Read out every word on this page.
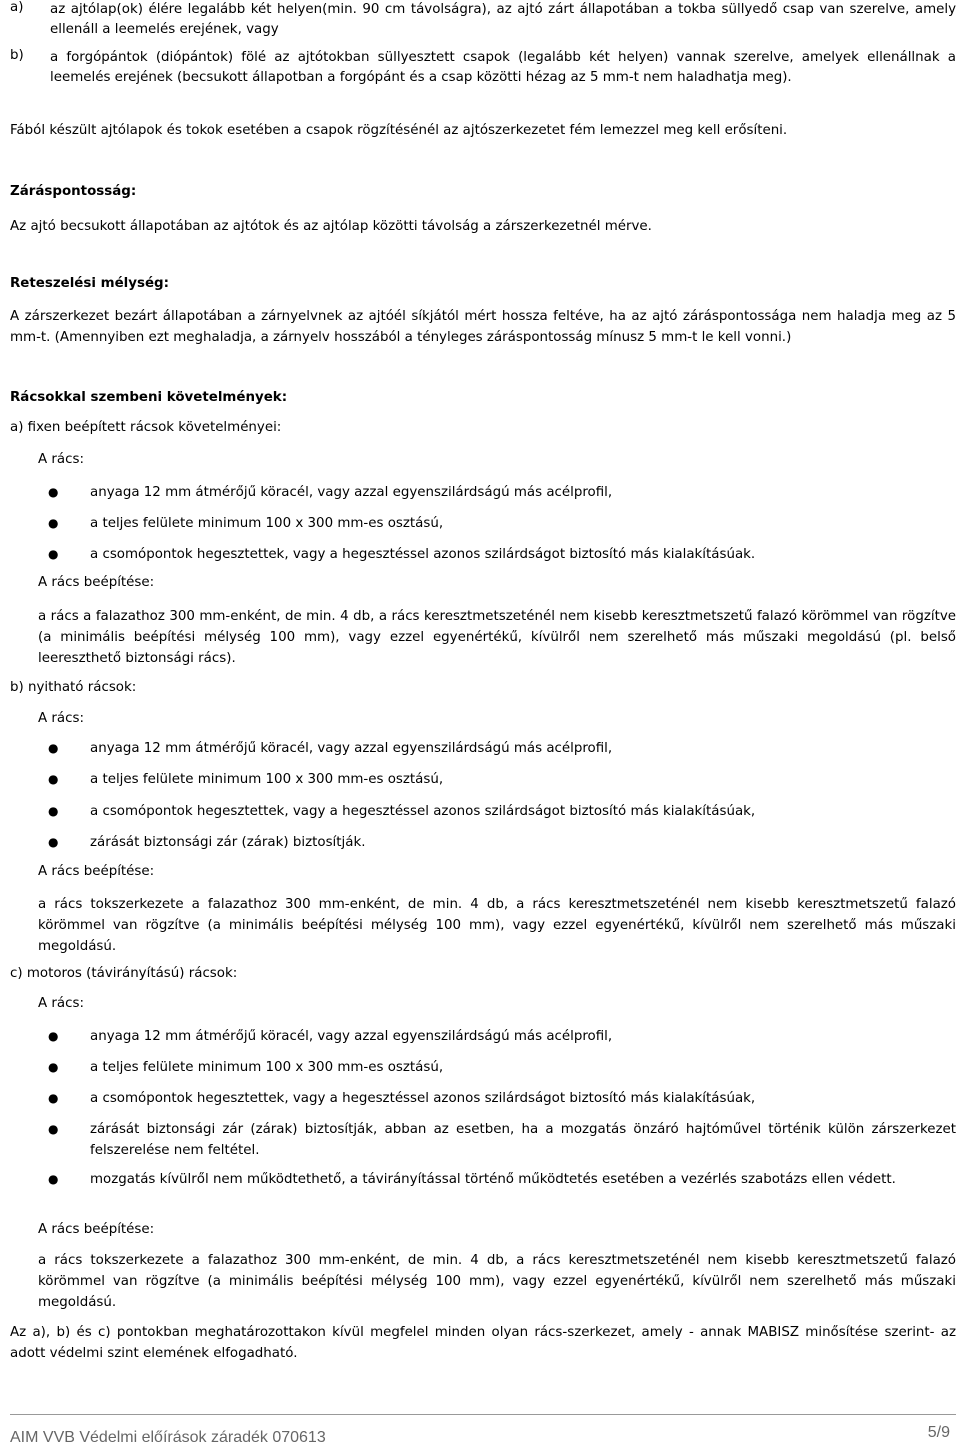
a) az ajtólap(ok) élére legalább két helyen(min. 90 cm távolságra), az ajtó zárt állapotában a tokba süllyedő csap van szerelve, amely ellenáll a leemelés erejének, vagy
b) a forgópántok (diópántok) fölé az ajtótokban süllyesztett csapok (legalább két helyen) vannak szerelve, amelyek ellenállnak a leemelés erejének (becsukott állapotban a forgópánt és a csap közötti hézag az 5 mm-t nem haladhatja meg).
Fából készült ajtólapok és tokok esetében a csapok rögzítésénél az ajtószerkezetet fém lemezzel meg kell erősíteni.
Záráspontosság:
Az ajtó becsukott állapotában az ajtótok és az ajtólap közötti távolság a zárszerkezetnél mérve.
Reteszelési mélység:
A zárszerkezet bezárt állapotában a zárnyelvnek az ajtóél síkjától mért hossza feltéve, ha az ajtó záráspontossága nem haladja meg az 5 mm-t. (Amennyiben ezt meghaladja, a zárnyelv hosszából a tényleges záráspontosság mínusz 5 mm-t le kell vonni.)
Rácsokkal szembeni követelmények:
a) fixen beépített rácsok követelményei:
A rács:
● anyaga 12 mm átmérőjű köracél, vagy azzal egyenszilárdságú más acélprofil,
● a teljes felülete minimum 100 x 300 mm-es osztású,
● a csomópontok hegesztettek, vagy a hegesztéssel azonos szilárdságot biztosító más kialakításúak.
A rács beépítése:
a rács a falazathoz 300 mm-enként, de min. 4 db, a rács keresztmetszeténél nem kisebb keresztmetszetű falazó körömmel van rögzítve (a minimális beépítési mélység 100 mm), vagy ezzel egyenértékű, kívülről nem szerelhető más műszaki megoldású (pl. belső leereszthető biztonsági rács).
b) nyitható rácsok:
A rács:
● anyaga 12 mm átmérőjű köracél, vagy azzal egyenszilárdságú más acélprofil,
● a teljes felülete minimum 100 x 300 mm-es osztású,
● a csomópontok hegesztettek, vagy a hegesztéssel azonos szilárdságot biztosító más kialakításúak,
● zárását biztonsági zár (zárak) biztosítják.
A rács beépítése:
a rács tokszerkezete a falazathoz 300 mm-enként, de min. 4 db, a rács keresztmetszeténél nem kisebb keresztmetszetű falazó körömmel van rögzítve (a minimális beépítési mélység 100 mm), vagy ezzel egyenértékű, kívülről nem szerelhető más műszaki megoldású.
c) motoros (távirányítású) rácsok:
A rács:
● anyaga 12 mm átmérőjű köracél, vagy azzal egyenszilárdságú más acélprofil,
● a teljes felülete minimum 100 x 300 mm-es osztású,
● a csomópontok hegesztettek, vagy a hegesztéssel azonos szilárdságot biztosító más kialakításúak,
● zárását biztonsági zár (zárak) biztosítják, abban az esetben, ha a mozgatás önzáró hajtóművel történik külön zárszerkezet felszerelése nem feltétel.
● mozgatás kívülről nem működtethető, a távirányítással történő működtetés esetében a vezérlés szabotázs ellen védett.
A rács beépítése:
a rács tokszerkezete a falazathoz 300 mm-enként, de min. 4 db, a rács keresztmetszeténél nem kisebb keresztmetszetű falazó körömmel van rögzítve (a minimális beépítési mélység 100 mm), vagy ezzel egyenértékű, kívülről nem szerelhető más műszaki megoldású.
Az a), b) és c) pontokban meghatározottakon kívül megfelel minden olyan rács-szerkezet, amely - annak MABISZ minősítése szerint- az adott védelmi szint elemének elfogadható.
AIM VVB Védelmi előírások záradék 070613	5/9
